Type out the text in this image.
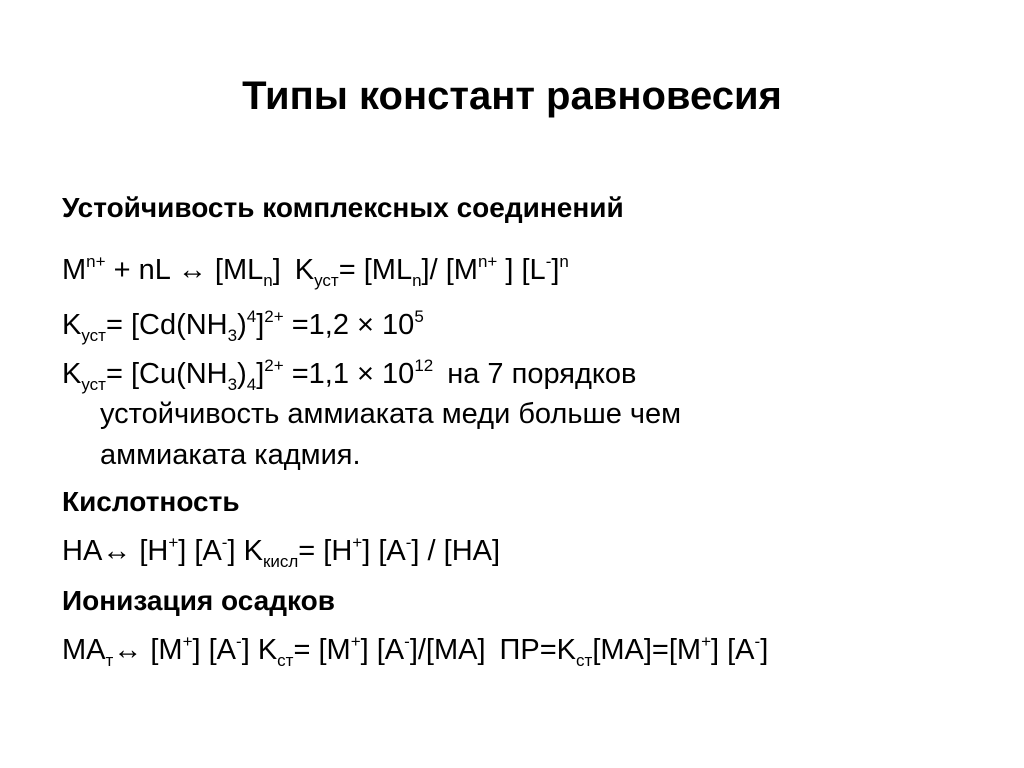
Типы констант равновесия
Устойчивость комплексных соединений
$M^{n+}$ + nL ↔ $[ML_n]$ $K_{уст}= [ML_n]/$ [$M^{n+}$ ] $[L^-]^n$
$K_{уст}= [Cd(NH_3)^4]^{2+} =1,2 \times 10^5$
$K_{уст}= [Cu(NH_3)_4]^{2+} =1,1 \times 10^{12}$ на 7 порядков
устойчивость аммиаката меди больше чем
аммиаката кадмия.
Кислотность
HA↔ [H+] [A-] $K_{кисл}= [H^+]$ [A-] / [HA]
Ионизация осадков
$MA_т\leftrightarrow$ [M+] [A-] $K_{ст}= [M^+]$ [A-]/[MA] $ПР=K_{ст}[MA]=[M^+]$ [A-]
